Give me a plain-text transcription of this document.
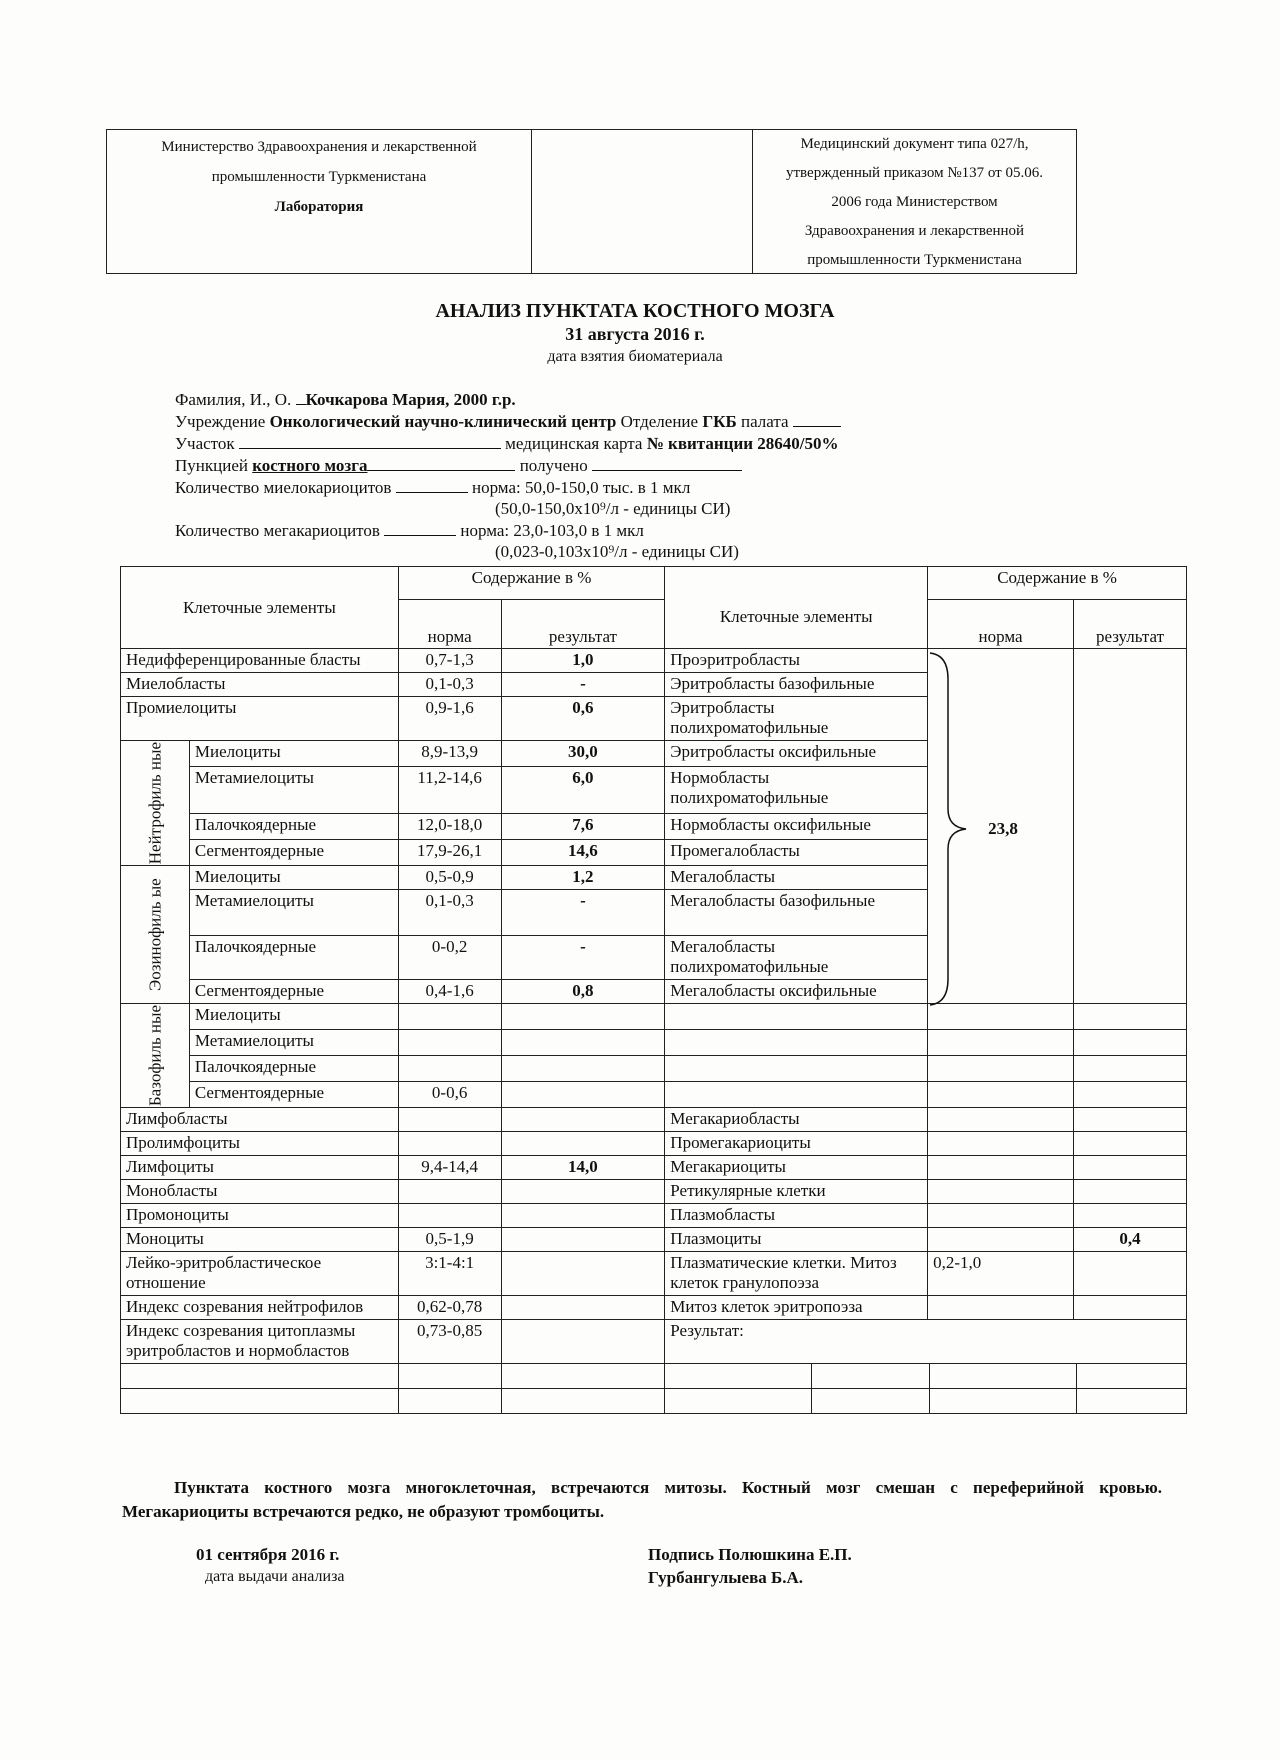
Министерство Здравоохранения и лекарственной
промышленности Туркменистана
Лаборатория
Медицинский документ типа 027/h,
утвержденный приказом №137 от 05.06.
2006 года Министерством
Здравоохранения и лекарственной
промышленности Туркменистана
АНАЛИЗ ПУНКТАТА КОСТНОГО МОЗГА
31 августа 2016 г.
дата взятия биоматериала
Фамилия, И., О. Кочкарова Мария, 2000 г.р.
Учреждение Онкологический научно-клинический центр Отделение ГКБ палата
Участок	медицинская карта № квитанции 28640/50%
Пункцией костного мозга	получено
Количество миелокариоцитов	норма: 50,0-150,0 тыс. в 1 мкл
(50,0-150,0х10⁹/л - единицы СИ)
Количество мегакариоцитов	норма: 23,0-103,0 в 1 мкл
(0,023-0,103х10⁹/л - единицы СИ)
Клеточные элементы		Содержание в %		Клеточные элементы	Содержание в %	
		норма	результат		норма	результат
Недифференцированные бласты		0,7-1,3	1,0	Проэритробласты	23,8	

Миелобласты		0,1-0,3	-	Эритробласты базофильные		
Промиелоциты		0,9-1,6	0,6	Эритробласты полихроматофильные		
Нейтрофиль ные	Миелоциты	8,9-13,9	30,0	Эритробласты оксифильные		
	Метамиелоциты	11,2-14,6	6,0	Нормобласты полихроматофильные		
	Палочкоядерные	12,0-18,0	7,6	Нормобласты оксифильные		
	Сегментоядерные	17,9-26,1	14,6	Промегалобласты		
Эозинофиль ые	Миелоциты	0,5-0,9	1,2	Мегалобласты		
	Метамиелоциты	0,1-0,3	-	Мегалобласты базофильные		
	Палочкоядерные	0-0,2	-	Мегалобласты полихроматофильные		
	Сегментоядерные	0,4-1,6	0,8	Мегалобласты оксифильные		
Базофиль ные	Миелоциты					
	Метамиелоциты					
	Палочкоядерные					
	Сегментоядерные	0-0,6				
Лимфобласты				Мегакариобласты		
Пролимфоциты				Промегакариоциты		
Лимфоциты		9,4-14,4	14,0	Мегакариоциты		
Монобласты				Ретикулярные клетки		
Промоноциты				Плазмобласты		
Моноциты		0,5-1,9		Плазмоциты		0,4
Лейко-эритробластическое отношение		3:1-4:1		Плазматические клетки. Митоз клеток гранулопоэза	0,2-1,0	
Индекс созревания нейтрофилов		0,62-0,78		Митоз клеток эритропоэза		
Индекс созревания цитоплазмы эритробластов и нормобластов		0,73-0,85		Результат:		

Пунктата костного мозга многоклеточная, встречаются митозы. Костный мозг смешан с переферийной кровью. Мегакариоциты встречаются редко, не образуют тромбоциты.
01 сентября 2016 г.
дата выдачи анализа
Подпись Полюшкина Е.П.
Гурбангулыева Б.А.
